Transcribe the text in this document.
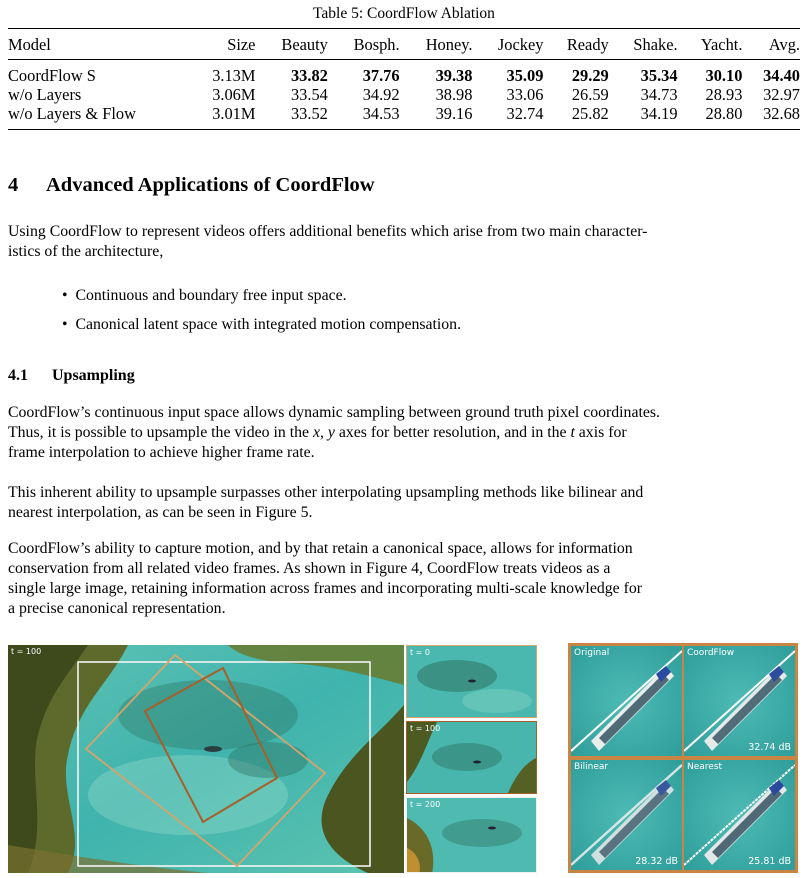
Table 5: CoordFlow Ablation
Model	Size	Beauty	Bosph.	Honey.	Jockey	Ready	Shake.	Yacht.	Avg.
CoordFlow S	3.13M	33.82	37.76	39.38	35.09	29.29	35.34	30.10	34.40
w/o Layers	3.06M	33.54	34.92	38.98	33.06	26.59	34.73	28.93	32.97
w/o Layers & Flow	3.01M	33.52	34.53	39.16	32.74	25.82	34.19	28.80	32.68
4 Advanced Applications of CoordFlow
Using CoordFlow to represent videos offers additional benefits which arise from two main character-
istics of the architecture,
•  Continuous and boundary free input space.
•  Canonical latent space with integrated motion compensation.
4.1 Upsampling
CoordFlow’s continuous input space allows dynamic sampling between ground truth pixel coordinates.
Thus, it is possible to upsample the video in the x, y axes for better resolution, and in the t axis for
frame interpolation to achieve higher frame rate.
This inherent ability to upsample surpasses other interpolating upsampling methods like bilinear and
nearest interpolation, as can be seen in Figure 5.
CoordFlow’s ability to capture motion, and by that retain a canonical space, allows for information
conservation from all related video frames. As shown in Figure 4, CoordFlow treats videos as a
single large image, retaining information across frames and incorporating multi-scale knowledge for
a precise canonical representation.
t = 100	t = 0
t = 100
t = 200
Original	CoordFlow
32.74 dB
Bilinear
28.32 dB
Nearest
25.81 dB
